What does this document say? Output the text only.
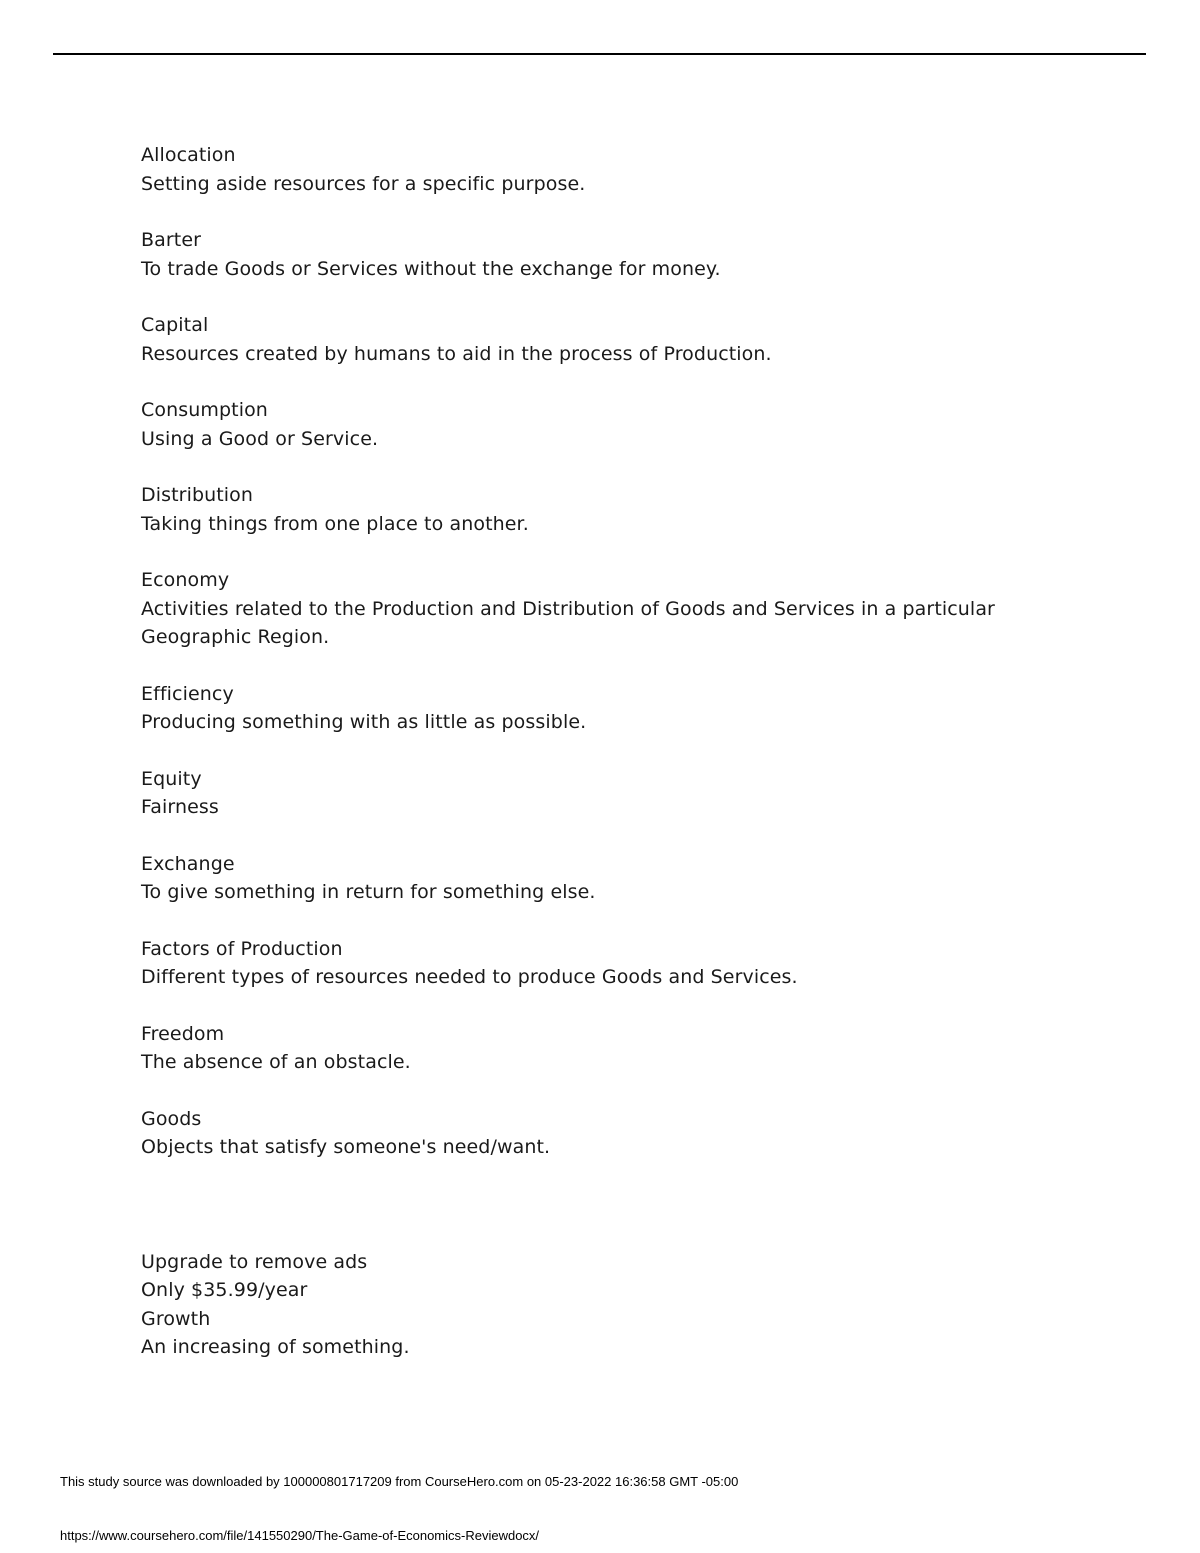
Allocation
Setting aside resources for a specific purpose.
Barter
To trade Goods or Services without the exchange for money.
Capital
Resources created by humans to aid in the process of Production.
Consumption
Using a Good or Service.
Distribution
Taking things from one place to another.
Economy
Activities related to the Production and Distribution of Goods and Services in a particular Geographic Region.
Efficiency
Producing something with as little as possible.
Equity
Fairness
Exchange
To give something in return for something else.
Factors of Production
Different types of resources needed to produce Goods and Services.
Freedom
The absence of an obstacle.
Goods
Objects that satisfy someone's need/want.
Upgrade to remove ads
Only $35.99/year
Growth
An increasing of something.
This study source was downloaded by 100000801717209 from CourseHero.com on 05-23-2022 16:36:58 GMT -05:00
https://www.coursehero.com/file/141550290/The-Game-of-Economics-Reviewdocx/
